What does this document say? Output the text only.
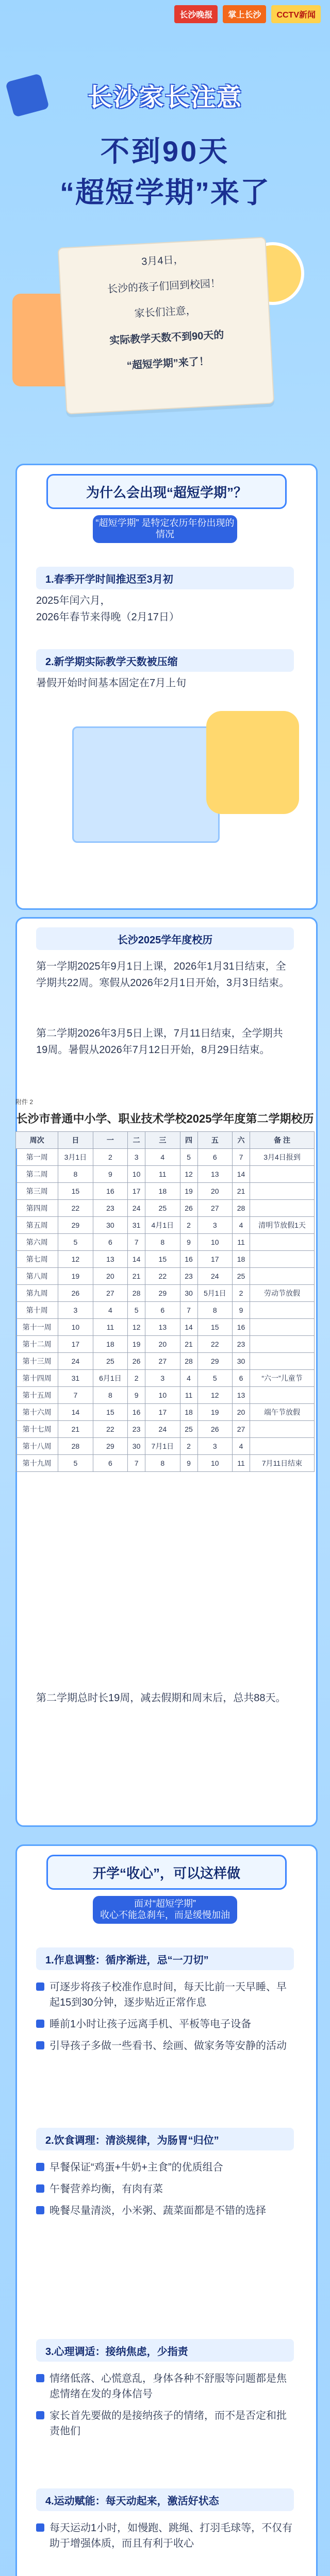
长沙晚报	掌上长沙	CCTV新闻
长沙家长注意
不到90天
“超短学期”来了
3月4日，
长沙的孩子们回到校园！
家长们注意，
实际教学天数不到90天的
“超短学期”来了！
为什么会出现“超短学期”？
“超短学期” 是特定农历年份出现的情况
1.春季开学时间推迟至3月初
2025年闰六月，
2026年春节来得晚（2月17日）
2.新学期实际教学天数被压缩
暑假开始时间基本固定在7月上旬
长沙2025学年度校历
第一学期2025年9月1日上课，2026年1月31日结束，全学期共22周。寒假从2026年2月1日开始，3月3日结束。
第二学期2026年3月5日上课，7月11日结束，全学期共19周。暑假从2026年7月12日开始，8月29日结束。
附件 2
长沙市普通中小学、职业技术学校2025学年度第二学期校历
周次	日	一	二	三	四	五	六	备 注
第一周	3月1日	2	3	4	5	6	7	3月4日报到
第二周	8	9	10	11	12	13	14	
第三周	15	16	17	18	19	20	21	
第四周	22	23	24	25	26	27	28	
第五周	29	30	31	4月1日	2	3	4	清明节放假1天
第六周	5	6	7	8	9	10	11	
第七周	12	13	14	15	16	17	18	
第八周	19	20	21	22	23	24	25	
第九周	26	27	28	29	30	5月1日	2	劳动节放假
第十周	3	4	5	6	7	8	9	
第十一周	10	11	12	13	14	15	16	
第十二周	17	18	19	20	21	22	23	
第十三周	24	25	26	27	28	29	30	
第十四周	31	6月1日	2	3	4	5	6	“六一”儿童节
第十五周	7	8	9	10	11	12	13	
第十六周	14	15	16	17	18	19	20	端午节放假
第十七周	21	22	23	24	25	26	27	
第十八周	28	29	30	7月1日	2	3	4	
第十九周	5	6	7	8	9	10	11	7月11日结束
第二学期总时长19周，减去假期和周末后，总共88天。
开学“收心”，可以这样做
面对“超短学期”
收心不能急刹车，而是缓慢加油
1.作息调整：循序渐进，忌“一刀切”
可逐步将孩子校准作息时间，每天比前一天早睡、早起15到30分钟，逐步贴近正常作息
睡前1小时让孩子远离手机、平板等电子设备
引导孩子多做一些看书、绘画、做家务等安静的活动
2.饮食调理：清淡规律，为肠胃“归位”
早餐保证“鸡蛋+牛奶+主食”的优质组合
午餐营养均衡，有肉有菜
晚餐尽量清淡，小米粥、蔬菜面都是不错的选择
3.心理调适：接纳焦虑，少指责
情绪低落、心慌意乱，身体各种不舒服等问题都是焦虑情绪在发的身体信号
家长首先要做的是接纳孩子的情绪，而不是否定和批责他们
4.运动赋能：每天动起来，激活好状态
每天运动1小时，如慢跑、跳绳、打羽毛球等，不仅有助于增强体质，而且有利于收心
